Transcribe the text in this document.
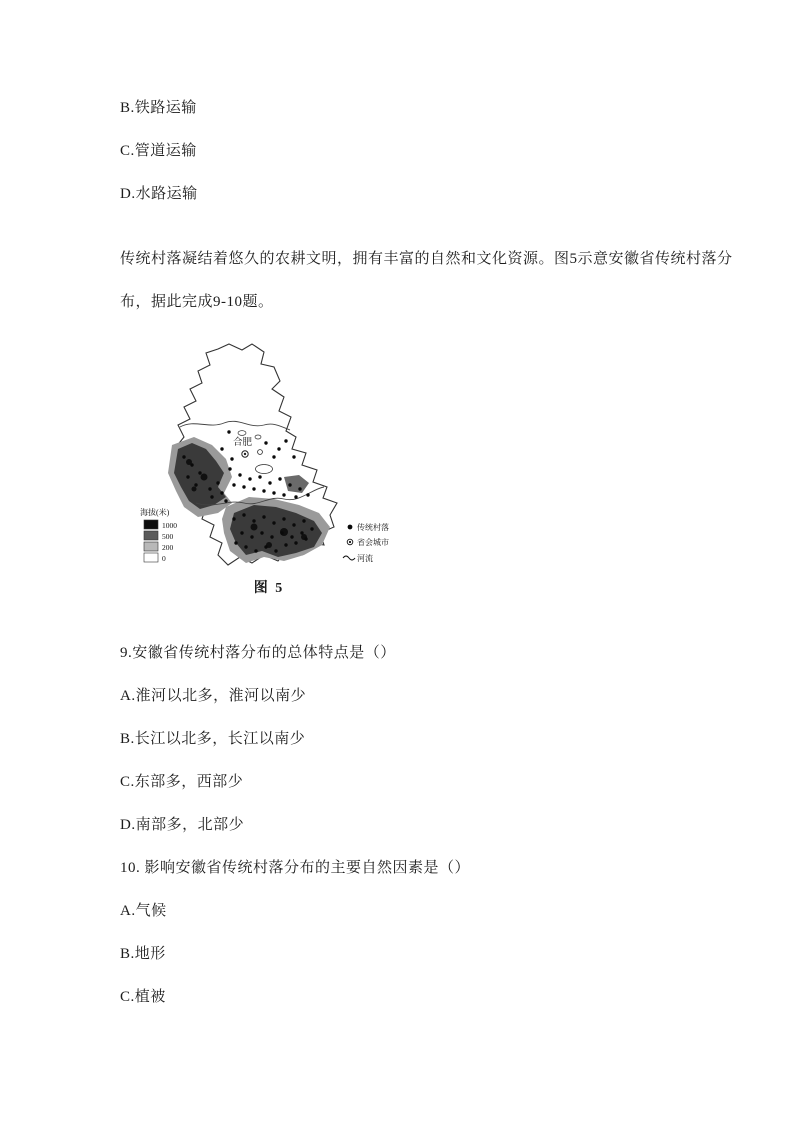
B.铁路运输
C.管道运输
D.水路运输
传统村落凝结着悠久的农耕文明，拥有丰富的自然和文化资源。图5示意安徽省传统村落分
布，据此完成9-10题。
合肥
海拔(米)
1000
500
200
0
传统村落
省会城市
河流
图 5
9.安徽省传统村落分布的总体特点是（）
A.淮河以北多，淮河以南少
B.长江以北多，长江以南少
C.东部多，西部少
D.南部多，北部少
10. 影响安徽省传统村落分布的主要自然因素是（）
A.气候
B.地形
C.植被
